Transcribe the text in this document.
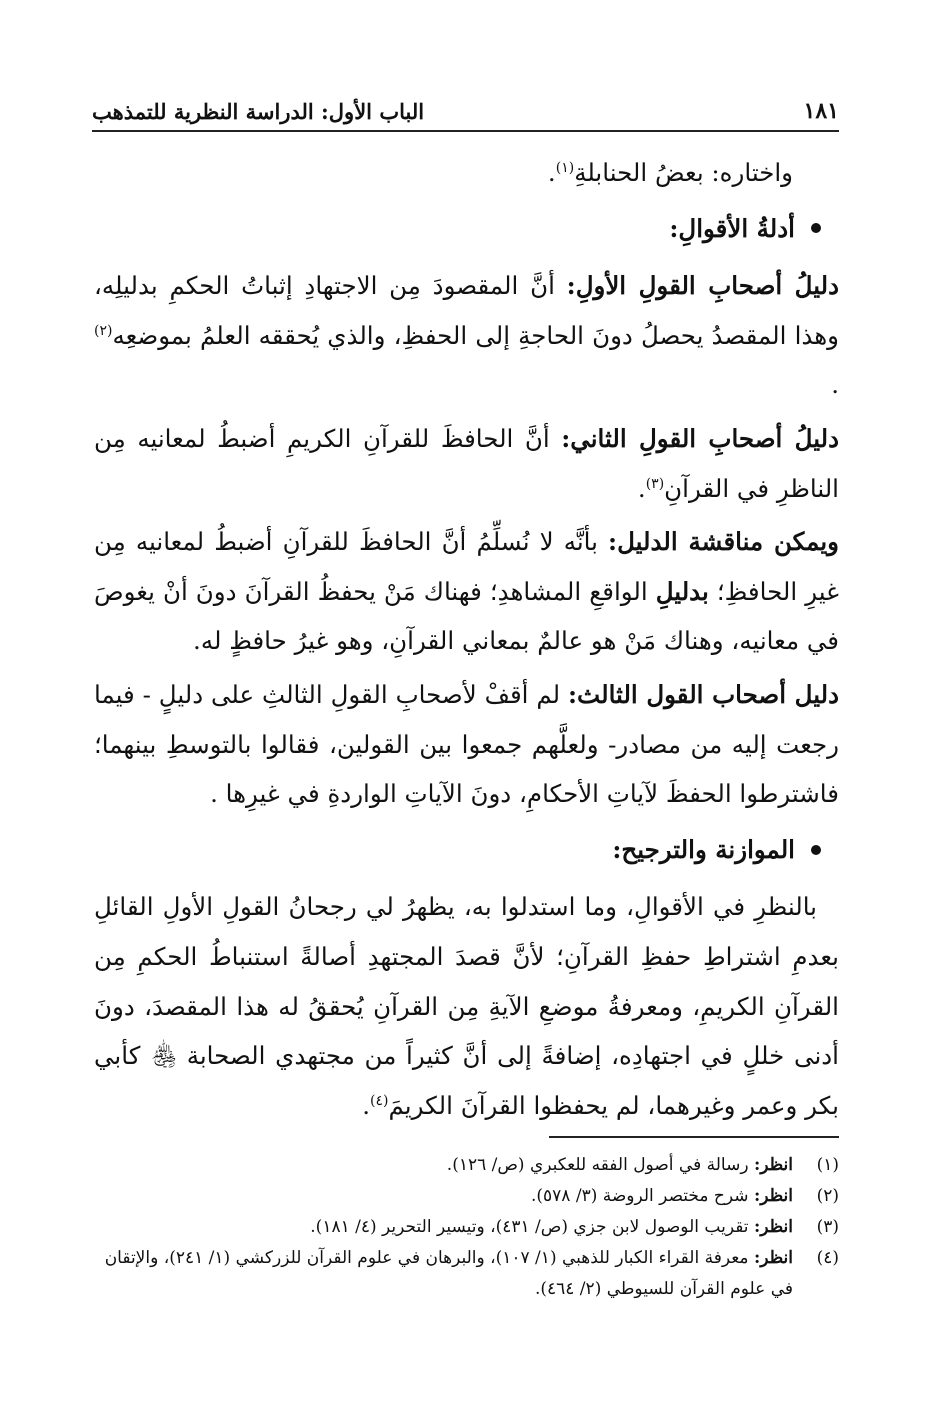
الباب الأول: الدراسة النظرية للتمذهب	١٨١

واختاره: بعضُ الحنابلةِ$^{(١)}$.

أدلةُ الأقوالِ:

دليلُ أصحابِ القولِ الأولِ: أنَّ المقصودَ مِن الاجتهادِ إثباتُ الحكمِ بدليلِه، وهذا المقصدُ يحصلُ دونَ الحاجةِ إلى الحفظِ، والذي يُحققه العلمُ بموضعِه$^{(٢)}$ .

دليلُ أصحابِ القولِ الثاني: أنَّ الحافظَ للقرآنِ الكريمِ أضبطُ لمعانيه مِن الناظرِ في القرآنِ$^{(٣)}$.

ويمكن مناقشة الدليل: بأنَّه لا نُسلِّمُ أنَّ الحافظَ للقرآنِ أضبطُ لمعانيه مِن غيرِ الحافظِ؛ بدليلِ الواقعِ المشاهدِ؛ فهناك مَنْ يحفظُ القرآنَ دونَ أنْ يغوصَ في معانيه، وهناك مَنْ هو عالمٌ بمعاني القرآنِ، وهو غيرُ حافظٍ له.

دليل أصحاب القول الثالث: لم أقفْ لأصحابِ القولِ الثالثِ على دليلٍ - فيما رجعت إليه من مصادر- ولعلَّهم جمعوا بين القولين، فقالوا بالتوسطِ بينهما؛ فاشترطوا الحفظَ لآياتِ الأحكامِ، دونَ الآياتِ الواردةِ في غيرِها .

الموازنة والترجيح:

بالنظرِ في الأقوالِ، وما استدلوا به، يظهرُ لي رجحانُ القولِ الأولِ القائلِ بعدمِ اشتراطِ حفظِ القرآنِ؛ لأنَّ قصدَ المجتهدِ أصالةً استنباطُ الحكمِ مِن القرآنِ الكريمِ، ومعرفةُ موضعِ الآيةِ مِن القرآنِ يُحققُ له هذا المقصدَ، دونَ أدنى خللٍ في اجتهادِه، إضافةً إلى أنَّ كثيراً من مجتهدي الصحابة ﵃ كأبي بكر وعمر وغيرهما، لم يحفظوا القرآنَ الكريمَ$^{(٤)}$.

(١)
انظر: رسالة في أصول الفقه للعكبري (ص/ ١٢٦).
(٢)
انظر: شرح مختصر الروضة (٣/ ٥٧٨).
(٣)
انظر: تقريب الوصول لابن جزي (ص/ ٤٣١)، وتيسير التحرير (٤/ ١٨١).
(٤)
انظر: معرفة القراء الكبار للذهبي (١/ ١٠٧)، والبرهان في علوم القرآن للزركشي (١/ ٢٤١)، والإتقان في علوم القرآن للسيوطي (٢/ ٤٦٤).
